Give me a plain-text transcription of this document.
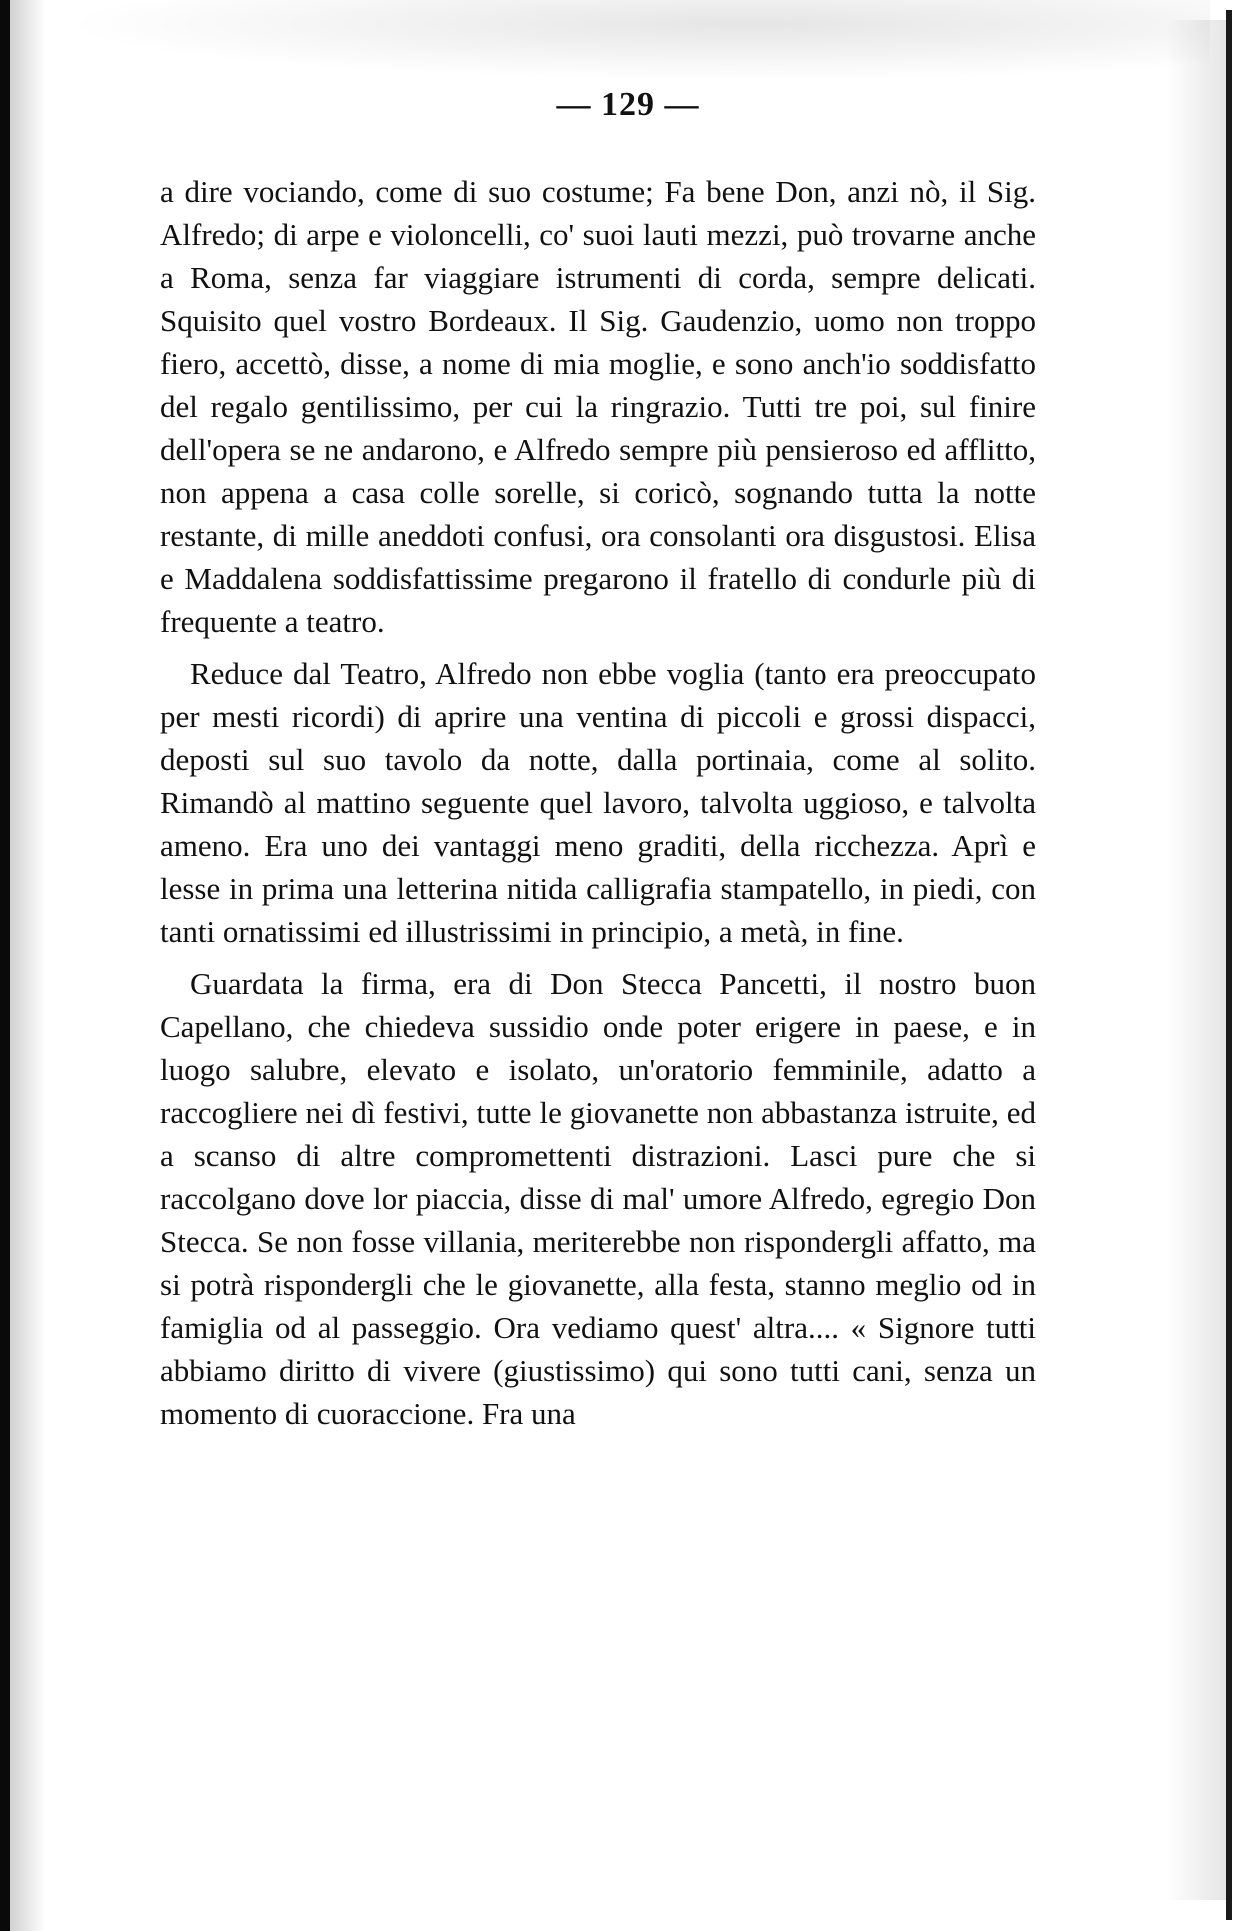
— 129 —

a dire vociando, come di suo costume; Fa bene Don, anzi nò, il Sig. Alfredo; di arpe e violoncelli, co' suoi lauti mezzi, può trovarne anche a Roma, senza far viaggiare istrumenti di corda, sempre delicati. Squisito quel vostro Bordeaux. Il Sig. Gaudenzio, uomo non troppo fiero, accettò, disse, a nome di mia moglie, e sono anch'io soddisfatto del regalo gentilissimo, per cui la ringrazio. Tutti tre poi, sul finire dell'opera se ne andarono, e Alfredo sempre più pensieroso ed afflitto, non appena a casa colle sorelle, si coricò, sognando tutta la notte restante, di mille aneddoti confusi, ora consolanti ora disgustosi. Elisa e Maddalena soddisfattissime pregarono il fratello di condurle più di frequente a teatro.

Reduce dal Teatro, Alfredo non ebbe voglia (tanto era preoccupato per mesti ricordi) di aprire una ventina di piccoli e grossi dispacci, deposti sul suo tavolo da notte, dalla portinaia, come al solito. Rimandò al mattino seguente quel lavoro, talvolta uggioso, e talvolta ameno. Era uno dei vantaggi meno graditi, della ricchezza. Aprì e lesse in prima una letterina nitida calligrafia stampatello, in piedi, con tanti ornatissimi ed illustrissimi in principio, a metà, in fine.

Guardata la firma, era di Don Stecca Pancetti, il nostro buon Capellano, che chiedeva sussidio onde poter erigere in paese, e in luogo salubre, elevato e isolato, un'oratorio femminile, adatto a raccogliere nei dì festivi, tutte le giovanette non abbastanza istruite, ed a scanso di altre compromettenti distrazioni. Lasci pure che si raccolgano dove lor piaccia, disse di mal' umore Alfredo, egregio Don Stecca. Se non fosse villania, meriterebbe non rispondergli affatto, ma si potrà rispondergli che le giovanette, alla festa, stanno meglio od in famiglia od al passeggio. Ora vediamo quest' altra.... « Signore tutti abbiamo diritto di vivere (giustissimo) qui sono tutti cani, senza un momento di cuoraccione. Fra una
